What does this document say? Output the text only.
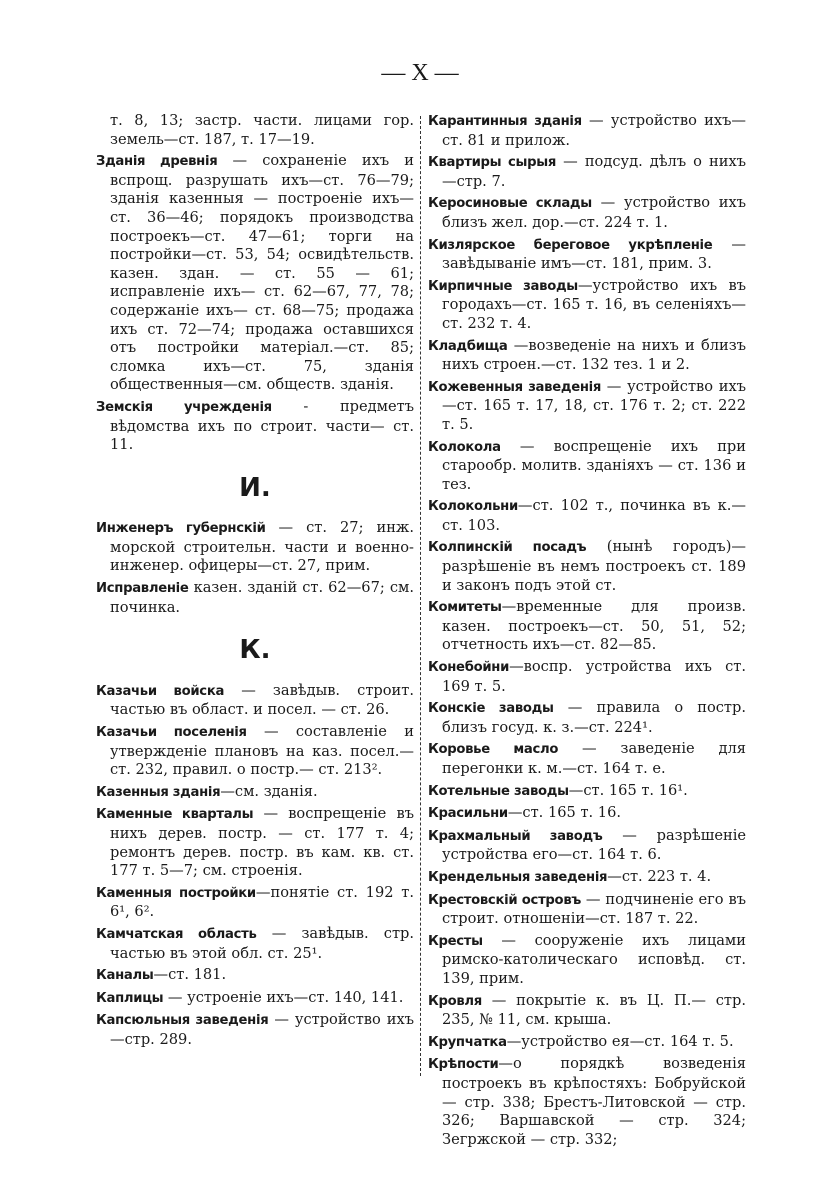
— X —
т. 8, 13; застр. части. лицами гор. земель—ст. 187, т. 17—19.

Зданія древнія — сохраненіе ихъ и вспрощ. разрушать ихъ—ст. 76—79; зданія казенныя — построеніе ихъ—ст. 36—46; порядокъ производства построекъ—ст. 47—61; торги на постройки—ст. 53, 54; освидѣтельств. казен. здан. — ст. 55 — 61; исправленіе ихъ— ст. 62—67, 77, 78; содержаніе ихъ— ст. 68—75; продажа ихъ ст. 72—74; продажа оставшихся отъ постройки матеріал.—ст. 85; сломка ихъ—ст. 75, зданія общественныя—см. обществ. зданія.

Земскія учрежденія - предметъ вѣдомства ихъ по строит. части— ст. 11.

И.

Инженеръ губернскій — ст. 27; инж. морской строительн. части и военно-инженер. офицеры—ст. 27, прим.

Исправленіе казен. зданій ст. 62—67; см. починка.

К.

Казачьи войска — завѣдыв. строит. частью въ област. и посел. — ст. 26.

Казачьи поселенія — составленіе и утвержденіе плановъ на каз. посел.—ст. 232, правил. о постр.— ст. 213².

Казенныя зданія—см. зданія.

Каменные кварталы — воспрещеніе въ нихъ дерев. постр. — ст. 177 т. 4; ремонтъ дерев. постр. въ кам. кв. ст. 177 т. 5—7; см. строенія.

Каменныя постройки—понятіе ст. 192 т. 6¹, 6².

Камчатская область — завѣдыв. стр. частью въ этой обл. ст. 25¹.

Каналы—ст. 181.

Каплицы — устроеніе ихъ—ст. 140, 141.

Капсюльныя заведенія — устройство ихъ—стр. 289.

Карантинныя зданія — устройство ихъ—ст. 81 и прилож.

Квартиры сырыя — подсуд. дѣлъ о нихъ—стр. 7.

Керосиновые склады — устройство ихъ близъ жел. дор.—ст. 224 т. 1.

Кизлярское береговое укрѣпленіе — завѣдываніе имъ—ст. 181, прим. 3.

Кирпичные заводы—устройство ихъ въ городахъ—ст. 165 т. 16, въ селеніяхъ—ст. 232 т. 4.

Кладбища —возведеніе на нихъ и близъ нихъ строен.—ст. 132 тез. 1 и 2.

Кожевенныя заведенія — устройство ихъ—ст. 165 т. 17, 18, ст. 176 т. 2; ст. 222 т. 5.

Колокола — воспрещеніе ихъ при старообр. молитв. зданіяхъ — ст. 136 и тез.

Колокольни—ст. 102 т., починка въ к.—ст. 103.

Колпинскій посадъ (нынѣ городъ)— разрѣшеніе въ немъ построекъ ст. 189 и законъ подъ этой ст.

Комитеты—временные для произв. казен. построекъ—ст. 50, 51, 52; отчетность ихъ—ст. 82—85.

Конебойни—воспр. устройства ихъ ст. 169 т. 5.

Конскіе заводы — правила о постр. близъ госуд. к. з.—ст. 224¹.

Коровье масло — заведеніе для перегонки к. м.—ст. 164 т. е.

Котельные заводы—ст. 165 т. 16¹.

Красильни—ст. 165 т. 16.

Крахмальный заводъ — разрѣшеніе устройства его—ст. 164 т. 6.

Крендельныя заведенія—ст. 223 т. 4.

Крестовскій островъ — подчиненіе его въ строит. отношеніи—ст. 187 т. 22.

Кресты — сооруженіе ихъ лицами римско-католическаго исповѣд. ст. 139, прим.

Кровля — покрытіе к. въ Ц. П.— стр. 235, № 11, см. крыша.

Крупчатка—устройство ея—ст. 164 т. 5.

Крѣпости—о порядкѣ возведенія построекъ въ крѣпостяхъ: Бобруйской — стр. 338; Брестъ-Литовской — стр. 326; Варшавской — стр. 324; Зегржской — стр. 332;
